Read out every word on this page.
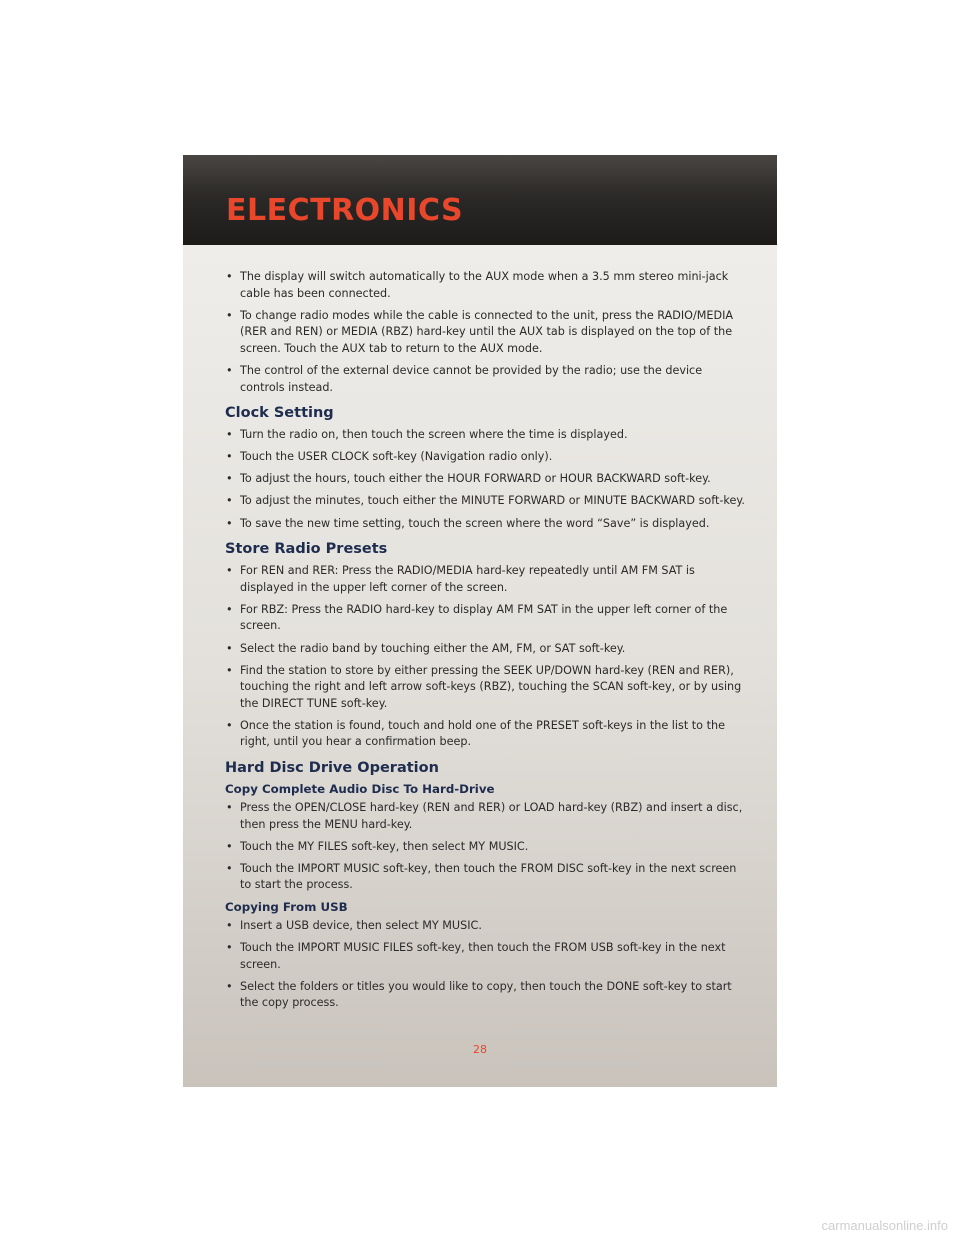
ELECTRONICS
• The display will switch automatically to the AUX mode when a 3.5 mm stereo mini-jack cable has been connected.
• To change radio modes while the cable is connected to the unit, press the RADIO/MEDIA (RER and REN) or MEDIA (RBZ) hard-key until the AUX tab is displayed on the top of the screen. Touch the AUX tab to return to the AUX mode.
• The control of the external device cannot be provided by the radio; use the device controls instead.
Clock Setting
• Turn the radio on, then touch the screen where the time is displayed.
• Touch the USER CLOCK soft-key (Navigation radio only).
• To adjust the hours, touch either the HOUR FORWARD or HOUR BACKWARD soft-key.
• To adjust the minutes, touch either the MINUTE FORWARD or MINUTE BACKWARD soft-key.
• To save the new time setting, touch the screen where the word “Save” is displayed.
Store Radio Presets
• For REN and RER: Press the RADIO/MEDIA hard-key repeatedly until AM FM SAT is displayed in the upper left corner of the screen.
• For RBZ: Press the RADIO hard-key to display AM FM SAT in the upper left corner of the screen.
• Select the radio band by touching either the AM, FM, or SAT soft-key.
• Find the station to store by either pressing the SEEK UP/DOWN hard-key (REN and RER), touching the right and left arrow soft-keys (RBZ), touching the SCAN soft-key, or by using the DIRECT TUNE soft-key.
• Once the station is found, touch and hold one of the PRESET soft-keys in the list to the right, until you hear a confirmation beep.
Hard Disc Drive Operation
Copy Complete Audio Disc To Hard-Drive
• Press the OPEN/CLOSE hard-key (REN and RER) or LOAD hard-key (RBZ) and insert a disc, then press the MENU hard-key.
• Touch the MY FILES soft-key, then select MY MUSIC.
• Touch the IMPORT MUSIC soft-key, then touch the FROM DISC soft-key in the next screen to start the process.
Copying From USB
• Insert a USB device, then select MY MUSIC.
• Touch the IMPORT MUSIC FILES soft-key, then touch the FROM USB soft-key in the next screen.
• Select the folders or titles you would like to copy, then touch the DONE soft-key to start the copy process.
28
carmanualsonline.info
